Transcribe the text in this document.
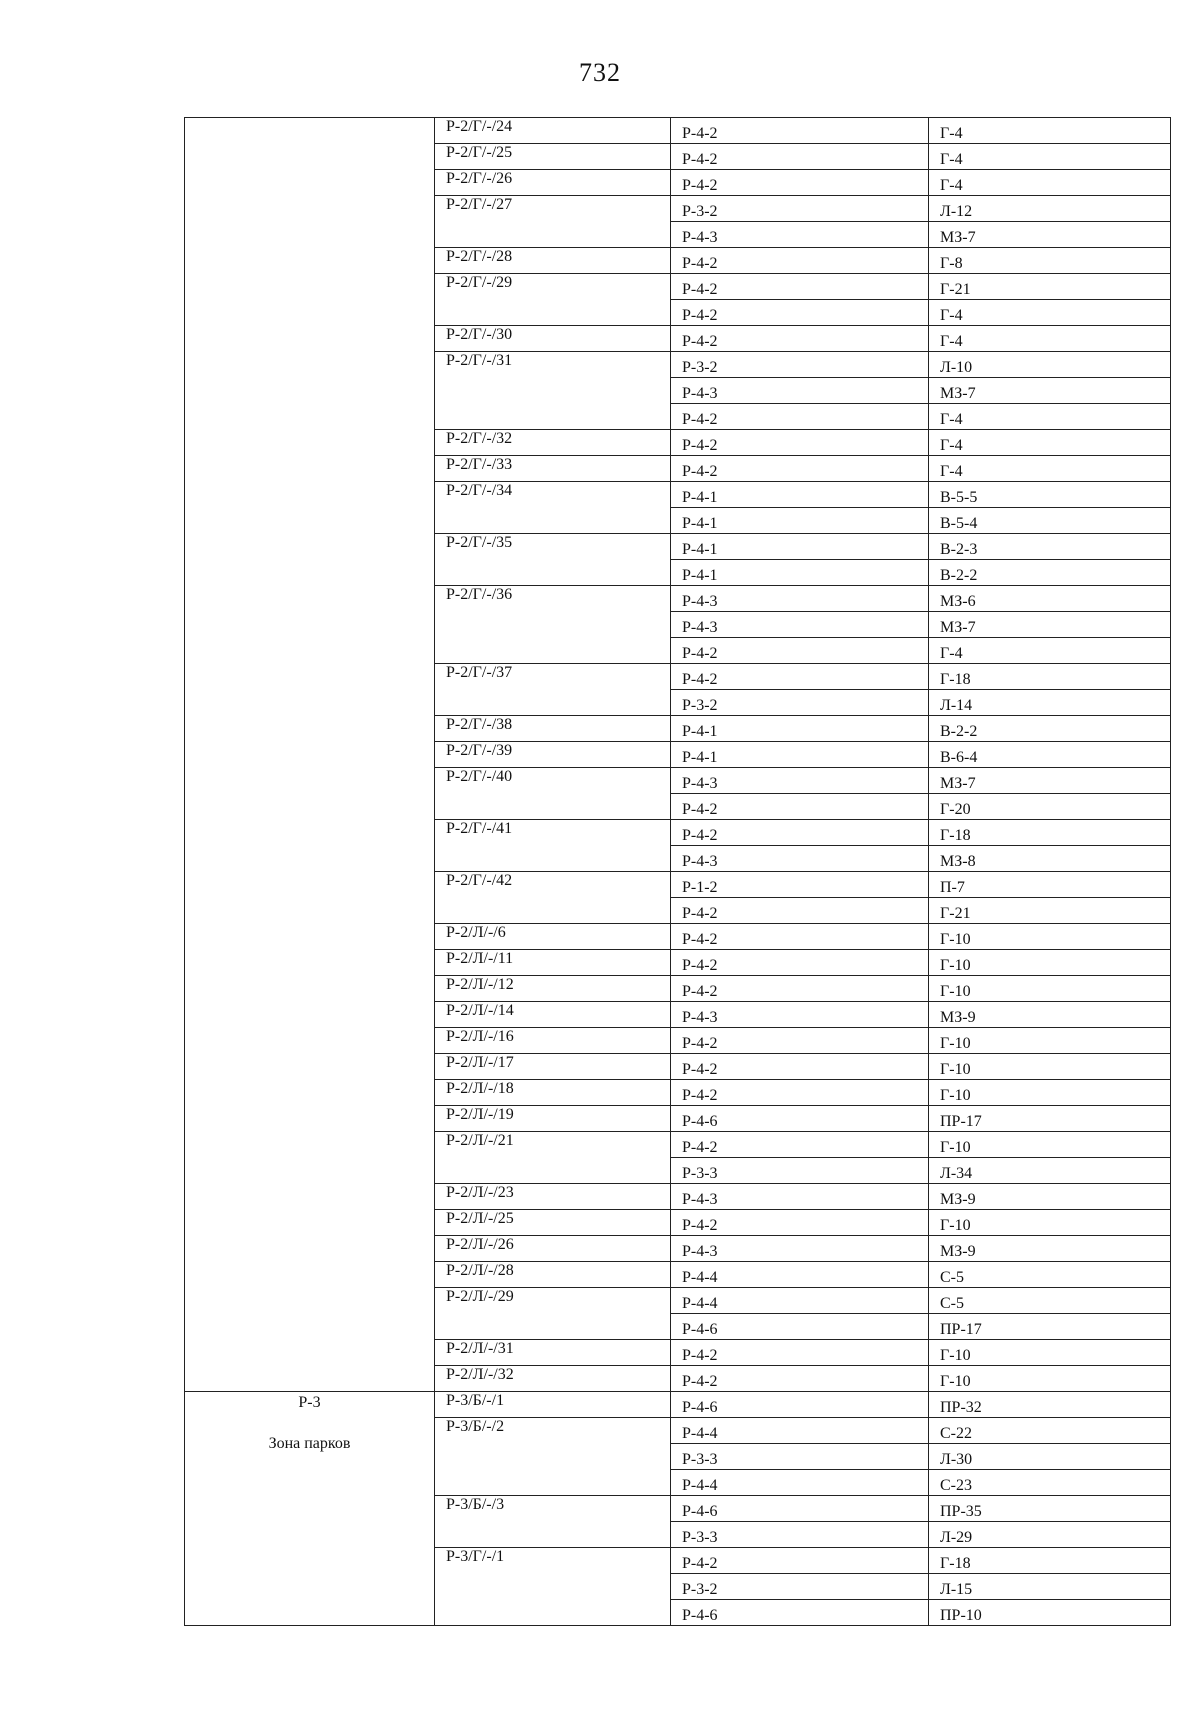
732
	Р-2/Г/-/24	Р-4-2	Г-4
	Р-2/Г/-/25	Р-4-2	Г-4
	Р-2/Г/-/26	Р-4-2	Г-4
	Р-2/Г/-/27	Р-3-2	Л-12
		Р-4-3	МЗ-7
	Р-2/Г/-/28	Р-4-2	Г-8
	Р-2/Г/-/29	Р-4-2	Г-21
		Р-4-2	Г-4
	Р-2/Г/-/30	Р-4-2	Г-4
	Р-2/Г/-/31	Р-3-2	Л-10
		Р-4-3	МЗ-7
		Р-4-2	Г-4
	Р-2/Г/-/32	Р-4-2	Г-4
	Р-2/Г/-/33	Р-4-2	Г-4
	Р-2/Г/-/34	Р-4-1	В-5-5
		Р-4-1	В-5-4
	Р-2/Г/-/35	Р-4-1	В-2-3
		Р-4-1	В-2-2
	Р-2/Г/-/36	Р-4-3	МЗ-6
		Р-4-3	МЗ-7
		Р-4-2	Г-4
	Р-2/Г/-/37	Р-4-2	Г-18
		Р-3-2	Л-14
	Р-2/Г/-/38	Р-4-1	В-2-2
	Р-2/Г/-/39	Р-4-1	В-6-4
	Р-2/Г/-/40	Р-4-3	МЗ-7
		Р-4-2	Г-20
	Р-2/Г/-/41	Р-4-2	Г-18
		Р-4-3	МЗ-8
	Р-2/Г/-/42	Р-1-2	П-7
		Р-4-2	Г-21
	Р-2/Л/-/6	Р-4-2	Г-10
	Р-2/Л/-/11	Р-4-2	Г-10
	Р-2/Л/-/12	Р-4-2	Г-10
	Р-2/Л/-/14	Р-4-3	МЗ-9
	Р-2/Л/-/16	Р-4-2	Г-10
	Р-2/Л/-/17	Р-4-2	Г-10
	Р-2/Л/-/18	Р-4-2	Г-10
	Р-2/Л/-/19	Р-4-6	ПР-17
	Р-2/Л/-/21	Р-4-2	Г-10
		Р-3-3	Л-34
	Р-2/Л/-/23	Р-4-3	МЗ-9
	Р-2/Л/-/25	Р-4-2	Г-10
	Р-2/Л/-/26	Р-4-3	МЗ-9
	Р-2/Л/-/28	Р-4-4	С-5
	Р-2/Л/-/29	Р-4-4	С-5
		Р-4-6	ПР-17
	Р-2/Л/-/31	Р-4-2	Г-10
	Р-2/Л/-/32	Р-4-2	Г-10

Р-3
Зона парков	Р-3/Б/-/1	Р-4-6	ПР-32
	Р-3/Б/-/2	Р-4-4	С-22
		Р-3-3	Л-30
		Р-4-4	С-23
	Р-3/Б/-/3	Р-4-6	ПР-35
		Р-3-3	Л-29
	Р-3/Г/-/1	Р-4-2	Г-18
		Р-3-2	Л-15
		Р-4-6	ПР-10
